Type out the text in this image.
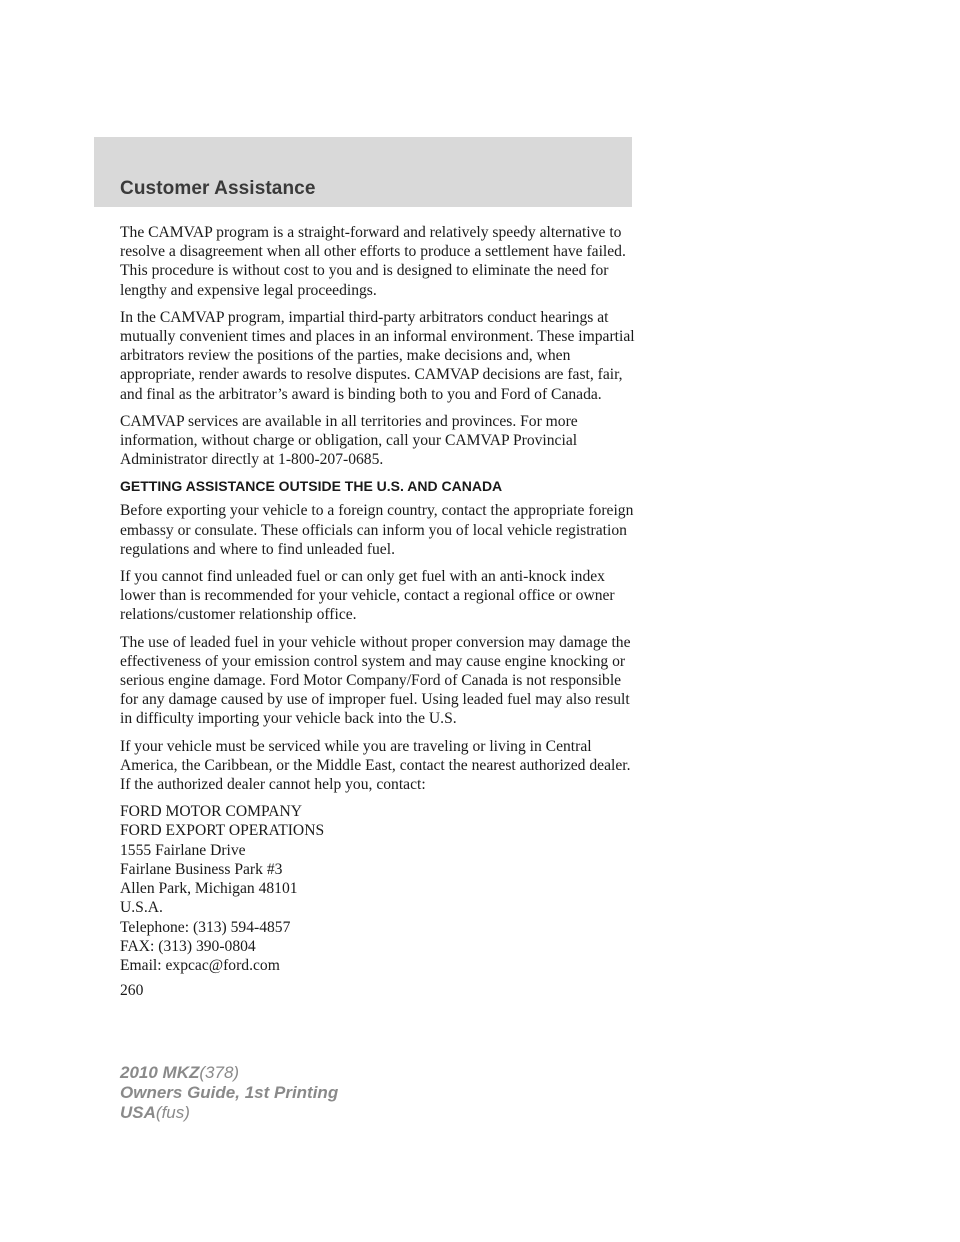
Customer Assistance

The CAMVAP program is a straight-forward and relatively speedy alternative to resolve a disagreement when all other efforts to produce a settlement have failed. This procedure is without cost to you and is designed to eliminate the need for lengthy and expensive legal proceedings.

In the CAMVAP program, impartial third-party arbitrators conduct hearings at mutually convenient times and places in an informal environment. These impartial arbitrators review the positions of the parties, make decisions and, when appropriate, render awards to resolve disputes. CAMVAP decisions are fast, fair, and final as the arbitrator’s award is binding both to you and Ford of Canada.

CAMVAP services are available in all territories and provinces. For more information, without charge or obligation, call your CAMVAP Provincial Administrator directly at 1-800-207-0685.

GETTING ASSISTANCE OUTSIDE THE U.S. AND CANADA

Before exporting your vehicle to a foreign country, contact the appropriate foreign embassy or consulate. These officials can inform you of local vehicle registration regulations and where to find unleaded fuel.

If you cannot find unleaded fuel or can only get fuel with an anti-knock index lower than is recommended for your vehicle, contact a regional office or owner relations/customer relationship office.

The use of leaded fuel in your vehicle without proper conversion may damage the effectiveness of your emission control system and may cause engine knocking or serious engine damage. Ford Motor Company/Ford of Canada is not responsible for any damage caused by use of improper fuel. Using leaded fuel may also result in difficulty importing your vehicle back into the U.S.

If your vehicle must be serviced while you are traveling or living in Central America, the Caribbean, or the Middle East, contact the nearest authorized dealer. If the authorized dealer cannot help you, contact:

FORD MOTOR COMPANY
FORD EXPORT OPERATIONS
1555 Fairlane Drive
Fairlane Business Park #3
Allen Park, Michigan 48101
U.S.A.
Telephone: (313) 594-4857
FAX: (313) 390-0804
Email: expcac@ford.com

260

2010 MKZ(378)
Owners Guide, 1st Printing
USA(fus)
